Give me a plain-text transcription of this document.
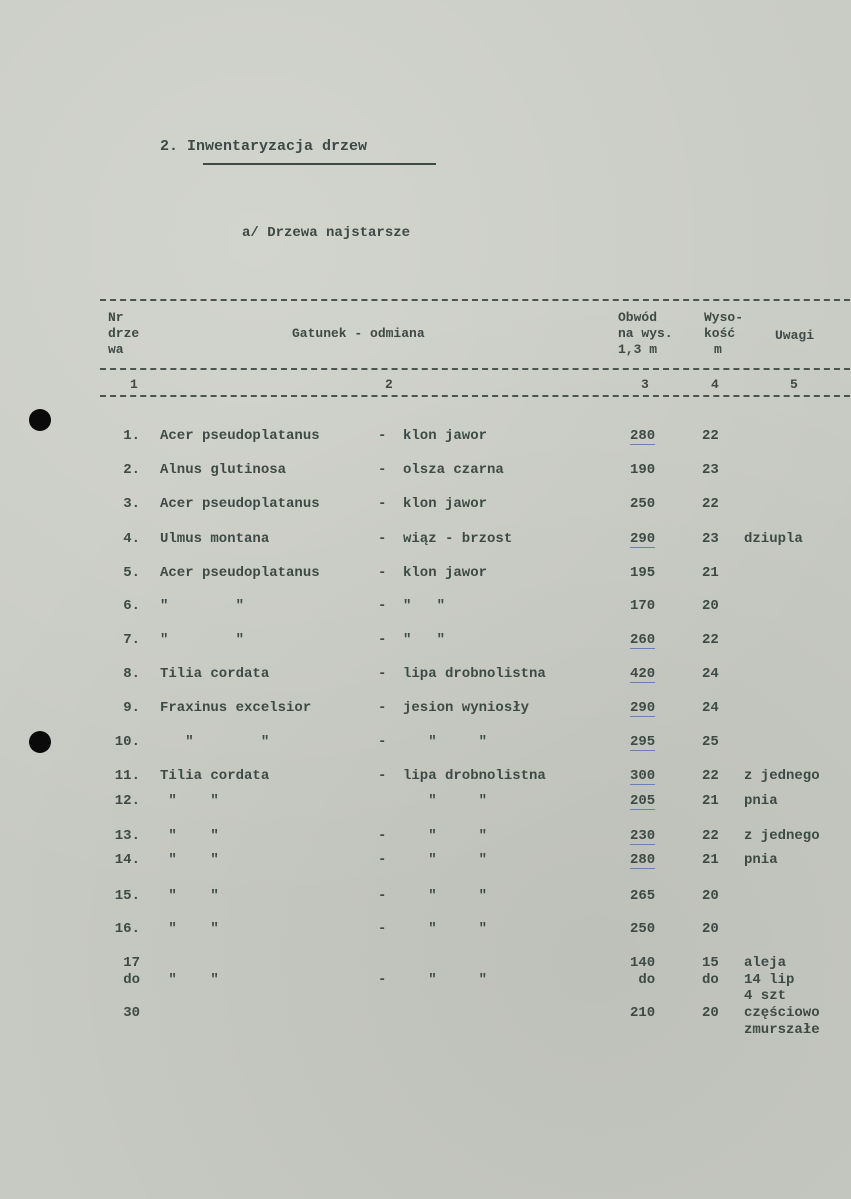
2. Inwentaryzacja drzew
a/ Drzewa najstarsze
Nr
drze
wa
Gatunek - odmiana
Obwód
na wys.
1,3 m
Wyso-
kość
m
Uwagi
1	2	3	4	5
1. Acer pseudoplatanus	- klon jawor	280	22
2. Alnus glutinosa	- olsza czarna	190	23
3. Acer pseudoplatanus	- klon jawor	250	22
4. Ulmus montana	- wiąz - brzost	290	23 dziupla
5. Acer pseudoplatanus	- klon jawor	195	21
6. "        "	- "   "	170	20
7. "        "	- "   "	260	22
8. Tilia cordata	- lipa drobnolistna	420	24
9. Fraxinus excelsior	- jesion wyniosły	290	24
10. "        "	- "     "	295	25
11. Tilia cordata	- lipa drobnolistna	300	22 z jednego
12. "    "	"     "	205	21 pnia
13. "    "	- "     "	230	22 z jednego
14. "    "	- "     "	280	21 pnia
15. "    "	- "     "	265	20
16. "    "	- "     "	250	20
17	140	15 aleja
do "    "	- "     "	do	do 14 lip
4 szt
30	210	20 częściowo
zmurszałe
